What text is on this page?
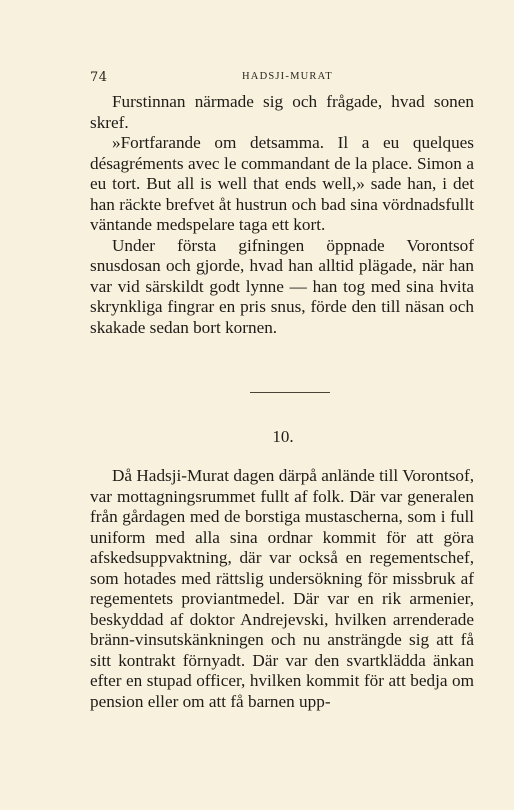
74	HADSJI-MURAT

Furstinnan närmade sig och frågade, hvad sonen skref.

»Fortfarande om detsamma. Il a eu quelques désagréments avec le commandant de la place. Simon a eu tort. But all is well that ends well,» sade han, i det han räckte brefvet åt hustrun och bad sina vördnadsfullt väntande medspelare taga ett kort.

Under första gifningen öppnade Vorontsof snusdosan och gjorde, hvad han alltid plägade, när han var vid särskildt godt lynne — han tog med sina hvita skrynkliga fingrar en pris snus, förde den till näsan och skakade sedan bort kornen.

10.

Då Hadsji-Murat dagen därpå anlände till Vorontsof, var mottagningsrummet fullt af folk. Där var generalen från gårdagen med de borstiga mustascherna, som i full uniform med alla sina ordnar kommit för att göra afskedsuppvaktning, där var också en regementschef, som hotades med rättslig undersökning för missbruk af regementets proviantmedel. Där var en rik armenier, beskyddad af doktor Andrejevski, hvilken arrenderade bränn-vinsutskänkningen och nu ansträngde sig att få sitt kontrakt förnyadt. Där var den svartklädda änkan efter en stupad officer, hvilken kommit för att bedja om pension eller om att få barnen upp-
